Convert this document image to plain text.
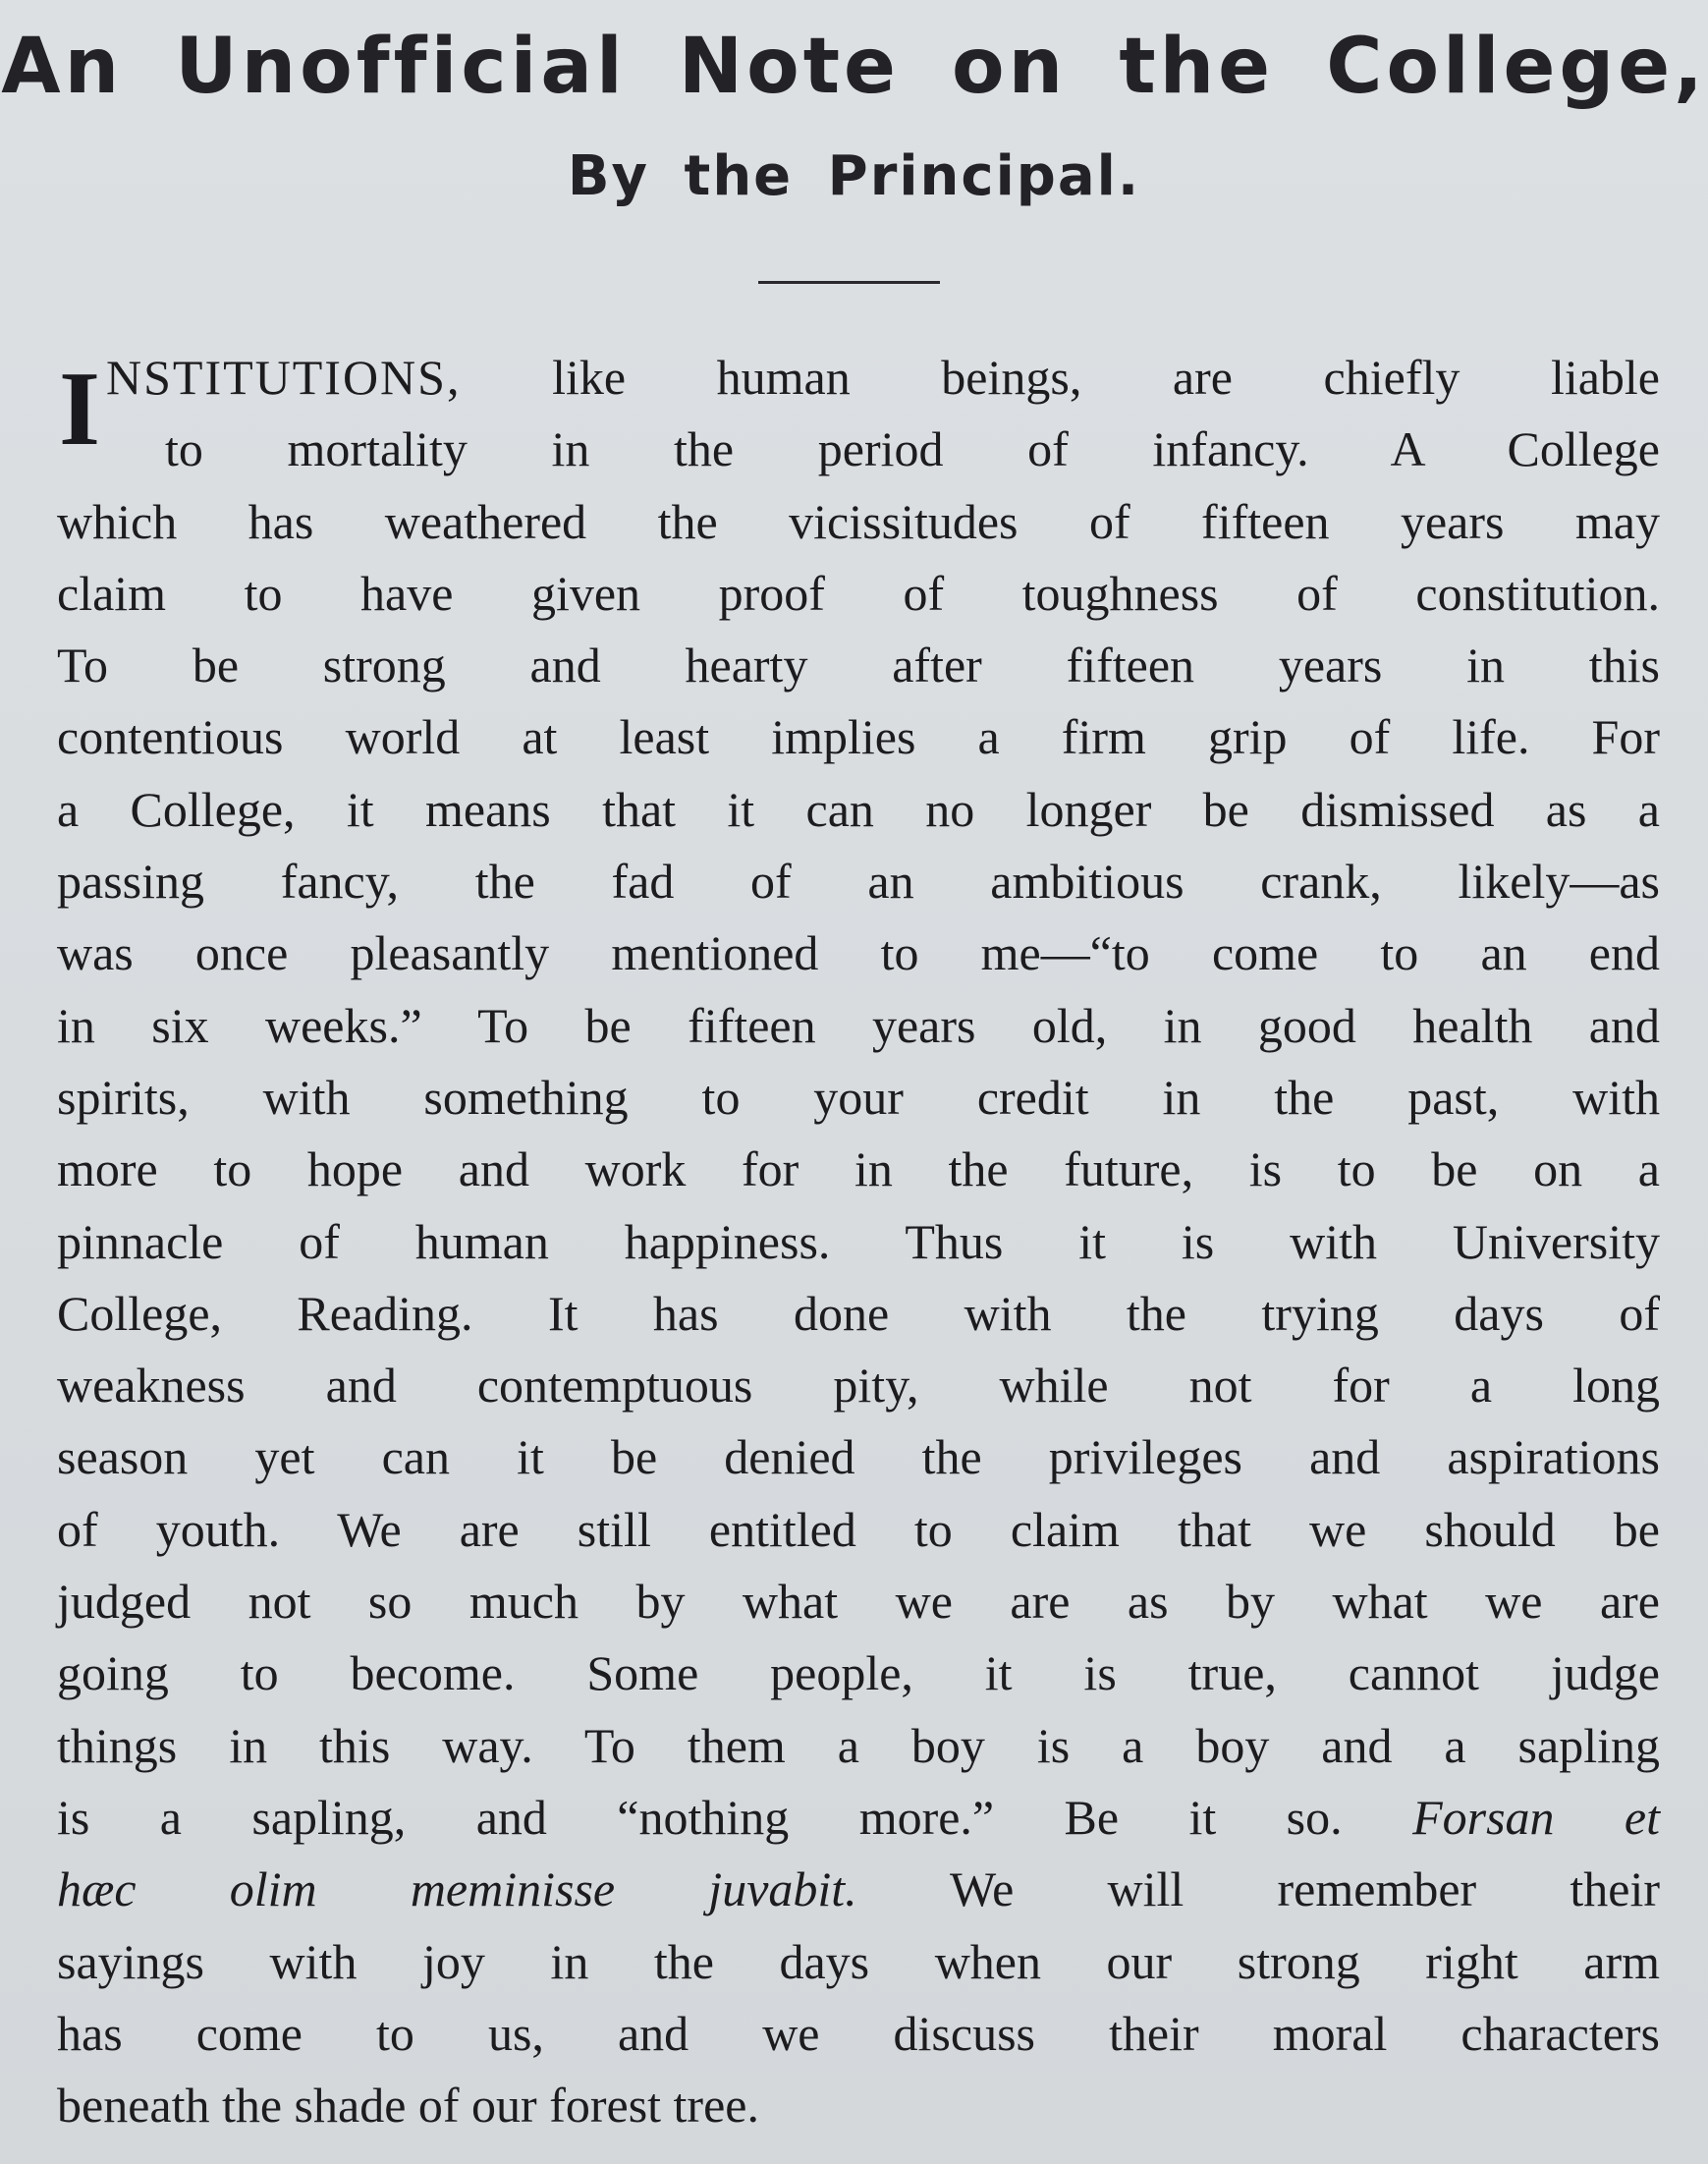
An Unofficial Note on the College,
By the Principal.
I NSTITUTIONS, like human beings, are chiefly liable
to mortality in the period of infancy. A College
which has weathered the vicissitudes of fifteen years may
claim to have given proof of toughness of constitution.
To be strong and hearty after fifteen years in this
contentious world at least implies a firm grip of life. For
a College, it means that it can no longer be dismissed as a
passing fancy, the fad of an ambitious crank, likely—as
was once pleasantly mentioned to me—“to come to an end
in six weeks.” To be fifteen years old, in good health and
spirits, with something to your credit in the past, with
more to hope and work for in the future, is to be on a
pinnacle of human happiness. Thus it is with University
College, Reading. It has done with the trying days of
weakness and contemptuous pity, while not for a long
season yet can it be denied the privileges and aspirations
of youth. We are still entitled to claim that we should be
judged not so much by what we are as by what we are
going to become. Some people, it is true, cannot judge
things in this way. To them a boy is a boy and a sapling
is a sapling, and “nothing more.” Be it so. Forsan et
hæc olim meminisse juvabit. We will remember their
sayings with joy in the days when our strong right arm
has come to us, and we discuss their moral characters
beneath the shade of our forest tree.
